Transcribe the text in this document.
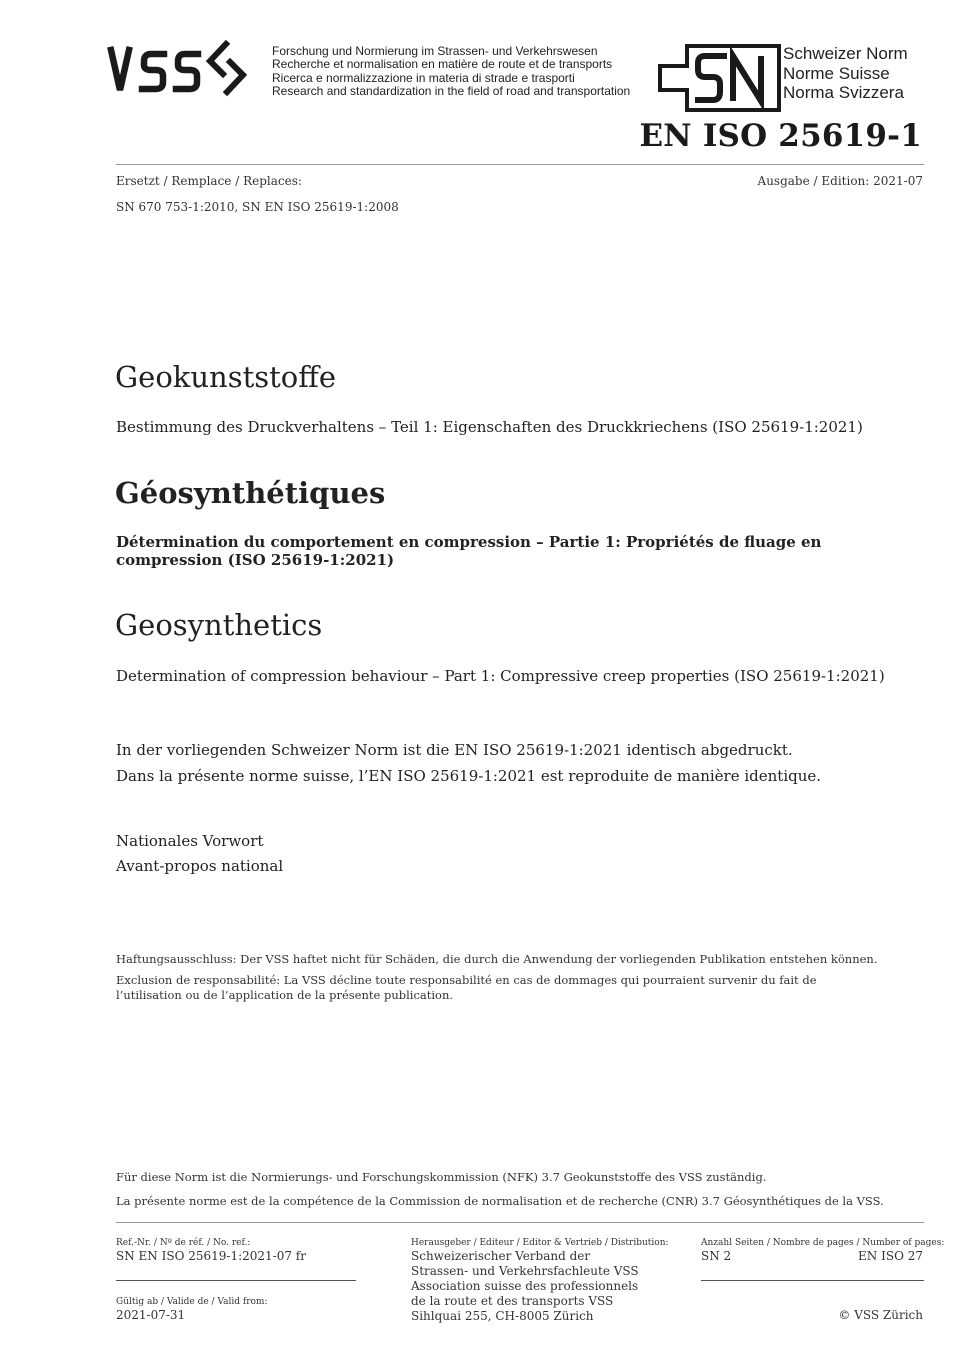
Forschung und Normierung im Strassen- und Verkehrswesen
Recherche et normalisation en matière de route et de transports
Ricerca e normalizzazione in materia di strade e trasporti
Research and standardization in the field of road and transportation
Schweizer Norm
Norme Suisse
Norma Svizzera
EN ISO 25619-1
Ersetzt / Remplace / Replaces:	Ausgabe / Edition: 2021-07
SN 670 753-1:2010, SN EN ISO 25619-1:2008
Geokunststoffe
Bestimmung des Druckverhaltens – Teil 1: Eigenschaften des Druckkriechens (ISO 25619-1:2021)
Géosynthétiques
Détermination du comportement en compression – Partie 1: Propriétés de fluage en compression (ISO 25619-1:2021)
Geosynthetics
Determination of compression behaviour – Part 1: Compressive creep properties (ISO 25619-1:2021)
In der vorliegenden Schweizer Norm ist die EN ISO 25619-1:2021 identisch abgedruckt.
Dans la présente norme suisse, l’EN ISO 25619-1:2021 est reproduite de manière identique.
Nationales Vorwort
Avant-propos national
Haftungsausschluss: Der VSS haftet nicht für Schäden, die durch die Anwendung der vorliegenden Publikation entstehen können.
Exclusion de responsabilité: La VSS décline toute responsabilité en cas de dommages qui pourraient survenir du fait de l’utilisation ou de l’application de la présente publication.
Für diese Norm ist die Normierungs- und Forschungskommission (NFK) 3.7 Geokunststoffe des VSS zuständig.
La présente norme est de la compétence de la Commission de normalisation et de recherche (CNR) 3.7 Géosynthétiques de la VSS.
Ref.-Nr. / Nº de réf. / No. ref.:
SN EN ISO 25619-1:2021-07 fr
Gültig ab / Valide de / Valid from:
2021-07-31
Herausgeber / Editeur / Editor & Vertrieb / Distribution:
Schweizerischer Verband der
Strassen- und Verkehrsfachleute VSS
Association suisse des professionnels
de la route et des transports VSS
Sihlquai 255, CH-8005 Zürich
Anzahl Seiten / Nombre de pages / Number of pages:
SN 2	EN ISO 27
© VSS Zürich
